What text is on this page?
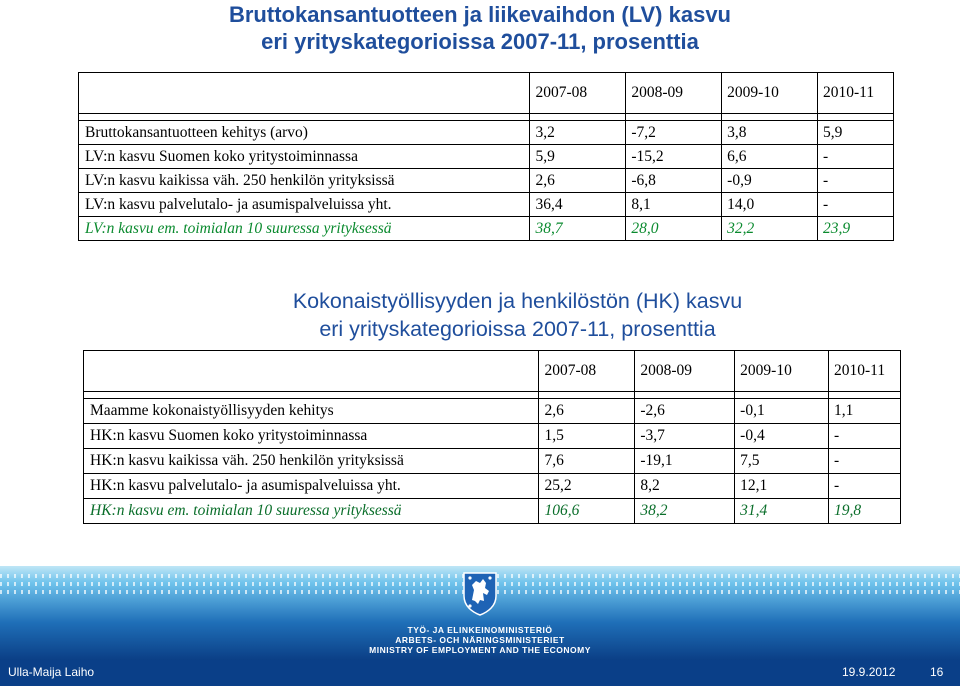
Bruttokansantuotteen ja liikevaihdon (LV) kasvu
eri yrityskategorioissa 2007-11, prosenttia
	2007-08	2008-09	2009-10	2010-11

Bruttokansantuotteen kehitys (arvo)	3,2	-7,2	3,8	5,9
LV:n kasvu Suomen koko yritystoiminnassa	5,9	-15,2	6,6	-
LV:n kasvu kaikissa väh. 250 henkilön yrityksissä	2,6	-6,8	-0,9	-
LV:n kasvu palvelutalo- ja asumispalveluissa yht.	36,4	8,1	14,0	-
LV:n kasvu em. toimialan 10 suuressa yrityksessä	38,7	28,0	32,2	23,9
Kokonaistyöllisyyden ja henkilöstön (HK) kasvu
eri yrityskategorioissa 2007-11, prosenttia
	2007-08	2008-09	2009-10	2010-11

Maamme kokonaistyöllisyyden kehitys	2,6	-2,6	-0,1	1,1
HK:n kasvu Suomen koko yritystoiminnassa	1,5	-3,7	-0,4	-
HK:n kasvu kaikissa väh. 250 henkilön yrityksissä	7,6	-19,1	7,5	-
HK:n kasvu palvelutalo- ja asumispalveluissa yht.	25,2	8,2	12,1	-
HK:n kasvu em. toimialan 10 suuressa yrityksessä	106,6	38,2	31,4	19,8
TYÖ- JA ELINKEINOMINISTERIÖ
ARBETS- OCH NÄRINGSMINISTERIET
MINISTRY OF EMPLOYMENT AND THE ECONOMY
Ulla-Maija Laiho	19.9.2012	16
